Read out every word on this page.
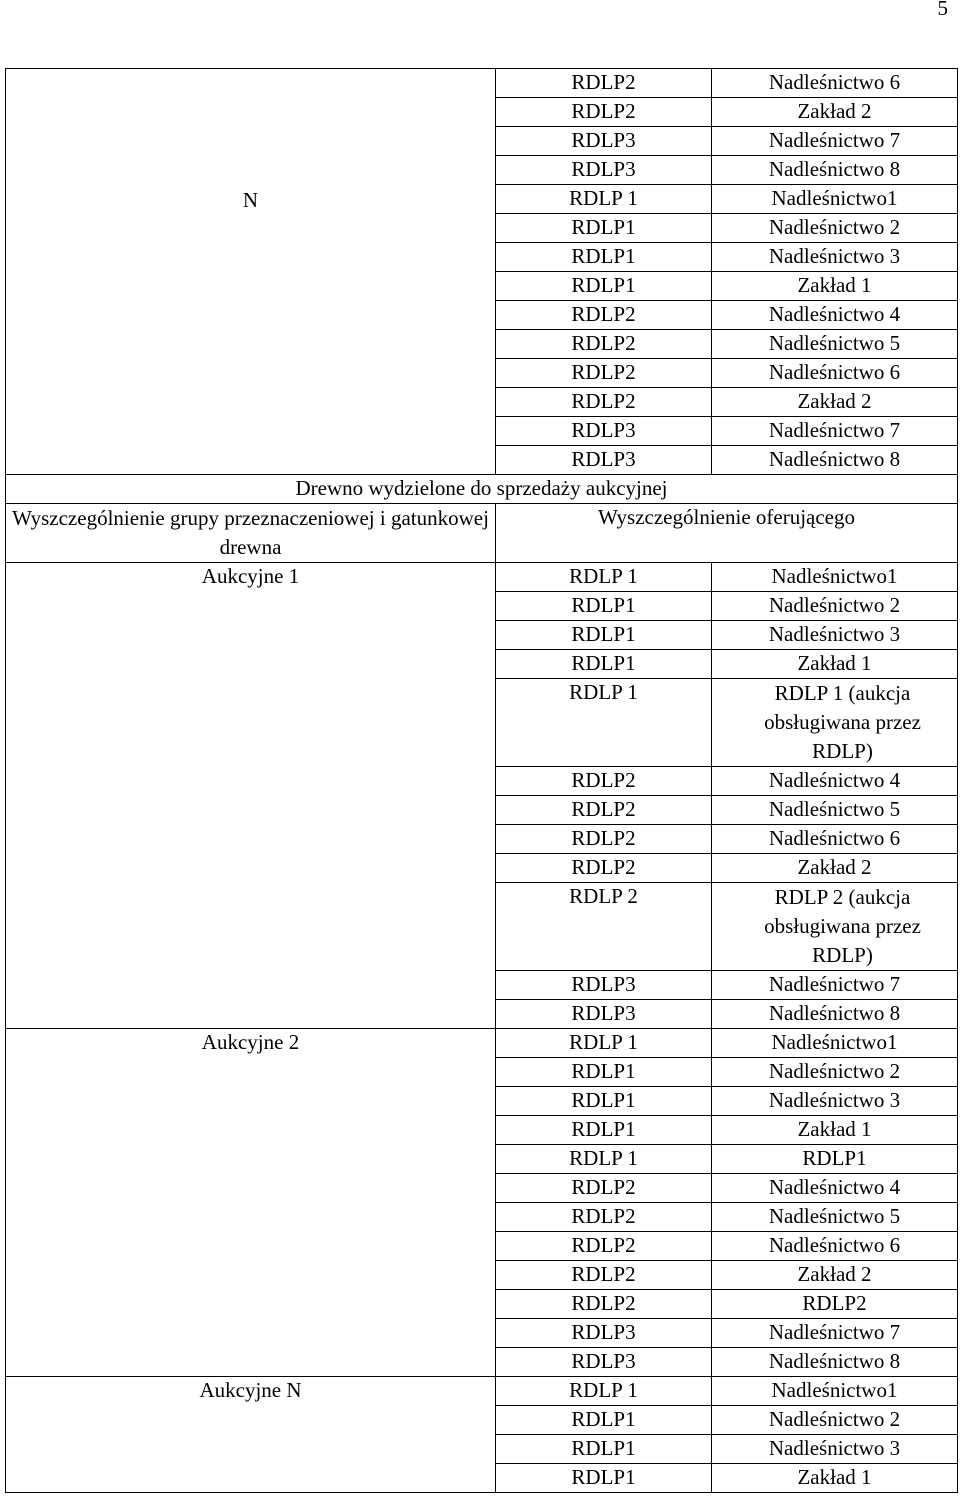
5
N	RDLP2	Nadleśnictwo 6
	RDLP2	Zakład 2
	RDLP3	Nadleśnictwo 7
	RDLP3	Nadleśnictwo 8
	RDLP 1	Nadleśnictwo1
	RDLP1	Nadleśnictwo 2
	RDLP1	Nadleśnictwo 3
	RDLP1	Zakład 1
	RDLP2	Nadleśnictwo 4
	RDLP2	Nadleśnictwo 5
	RDLP2	Nadleśnictwo 6
	RDLP2	Zakład 2
	RDLP3	Nadleśnictwo 7
	RDLP3	Nadleśnictwo 8
Drewno wydzielone do sprzedaży aukcyjnej		
Wyszczególnienie grupy przeznaczeniowej i gatunkowej drewna	Wyszczególnienie oferującego	
Aukcyjne 1	RDLP 1	Nadleśnictwo1
	RDLP1	Nadleśnictwo 2
	RDLP1	Nadleśnictwo 3
	RDLP1	Zakład 1
	RDLP 1	RDLP 1 (aukcja obsługiwana przez RDLP)
	RDLP2	Nadleśnictwo 4
	RDLP2	Nadleśnictwo 5
	RDLP2	Nadleśnictwo 6
	RDLP2	Zakład 2
	RDLP 2	RDLP 2 (aukcja obsługiwana przez RDLP)
	RDLP3	Nadleśnictwo 7
	RDLP3	Nadleśnictwo 8
Aukcyjne 2	RDLP 1	Nadleśnictwo1
	RDLP1	Nadleśnictwo 2
	RDLP1	Nadleśnictwo 3
	RDLP1	Zakład 1
	RDLP 1	RDLP1
	RDLP2	Nadleśnictwo 4
	RDLP2	Nadleśnictwo 5
	RDLP2	Nadleśnictwo 6
	RDLP2	Zakład 2
	RDLP2	RDLP2
	RDLP3	Nadleśnictwo 7
	RDLP3	Nadleśnictwo 8
Aukcyjne N	RDLP 1	Nadleśnictwo1
	RDLP1	Nadleśnictwo 2
	RDLP1	Nadleśnictwo 3
	RDLP1	Zakład 1
